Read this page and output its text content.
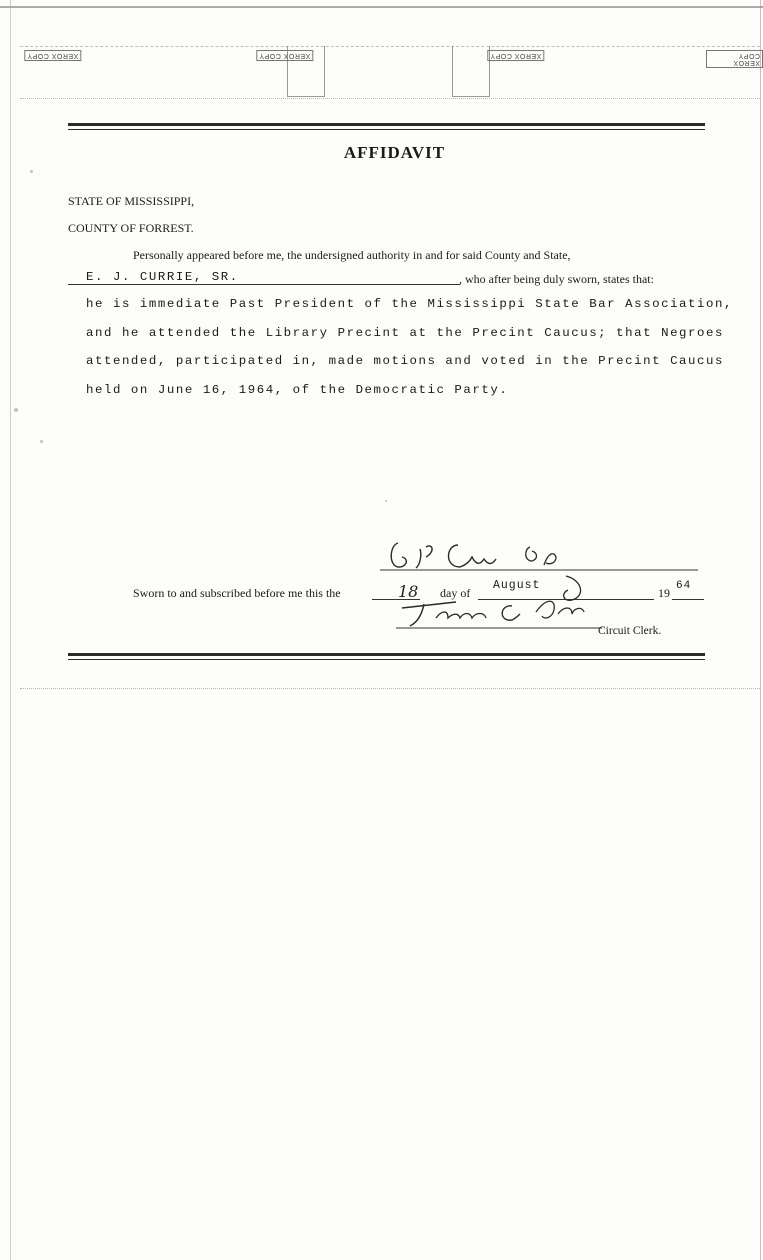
XEROX COPY	XEROX COPY	XEROX COPY
XEROX COPY
AFFIDAVIT
STATE OF MISSISSIPPI,
COUNTY OF FORREST.
Personally appeared before me, the undersigned authority in and for said County and State,
E. J. CURRIE, SR.	, who after being duly sworn, states that:
he is immediate Past President of the Mississippi State Bar Association,
and he attended the Library Precint at the Precint Caucus; that Negroes
attended, participated in, made motions and voted in the Precint Caucus
held on June 16, 1964, of the Democratic Party.
Sworn to and subscribed before me this the	18 day of
August
19 64
Circuit Clerk.
